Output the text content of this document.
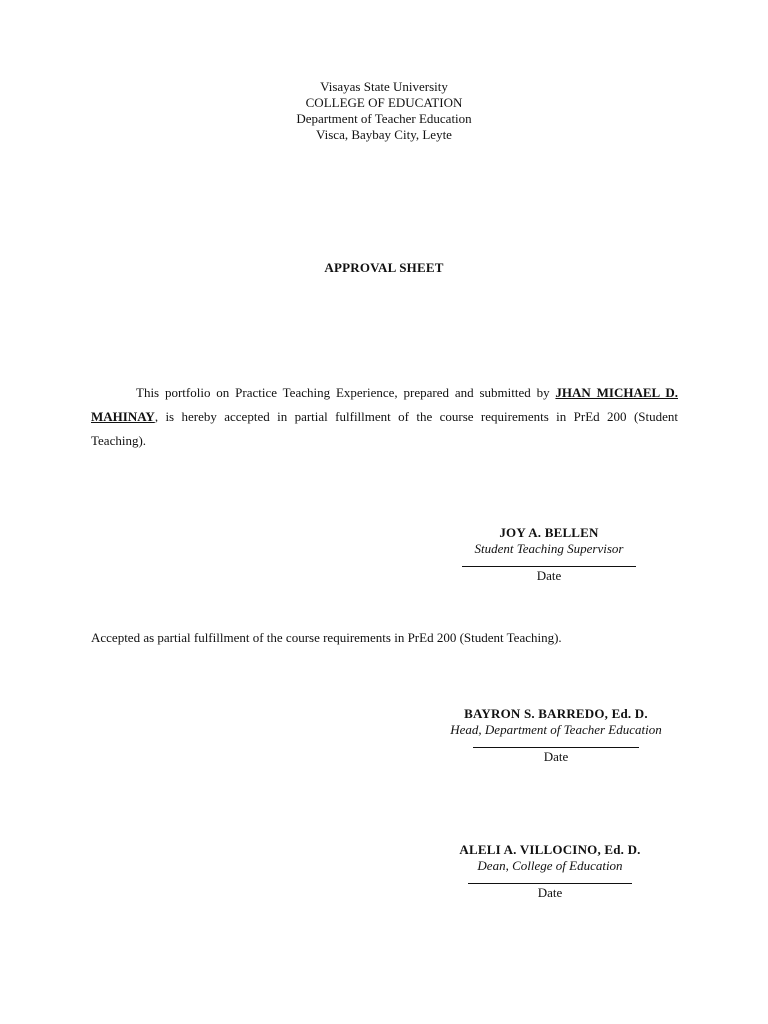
Visayas State University
COLLEGE OF EDUCATION
Department of Teacher Education
Visca, Baybay City, Leyte
APPROVAL SHEET
This portfolio on Practice Teaching Experience, prepared and submitted by JHAN MICHAEL D. MAHINAY, is hereby accepted in partial fulfillment of the course requirements in PrEd 200 (Student Teaching).
JOY A. BELLEN
Student Teaching Supervisor
Date
Accepted as partial fulfillment of the course requirements in PrEd 200 (Student Teaching).
BAYRON S. BARREDO, Ed. D.
Head, Department of Teacher Education
Date
ALELI A. VILLOCINO, Ed. D.
Dean, College of Education
Date
